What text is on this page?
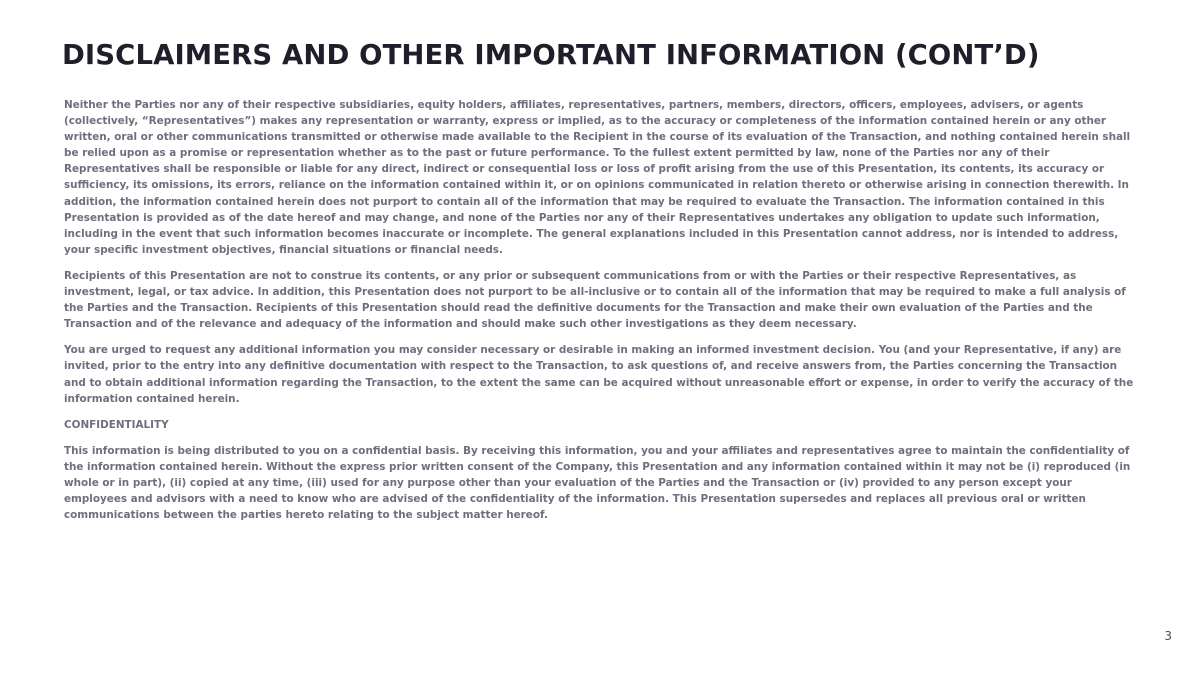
DISCLAIMERS AND OTHER IMPORTANT INFORMATION (CONT’D)

Neither the Parties nor any of their respective subsidiaries, equity holders, affiliates, representatives, partners, members, directors, officers, employees, advisers, or agents (collectively, “Representatives”) makes any representation or warranty, express or implied, as to the accuracy or completeness of the information contained herein or any other written, oral or other communications transmitted or otherwise made available to the Recipient in the course of its evaluation of the Transaction, and nothing contained herein shall be relied upon as a promise or representation whether as to the past or future performance. To the fullest extent permitted by law, none of the Parties nor any of their Representatives shall be responsible or liable for any direct, indirect or consequential loss or loss of profit arising from the use of this Presentation, its contents, its accuracy or sufficiency, its omissions, its errors, reliance on the information contained within it, or on opinions communicated in relation thereto or otherwise arising in connection therewith. In addition, the information contained herein does not purport to contain all of the information that may be required to evaluate the Transaction. The information contained in this Presentation is provided as of the date hereof and may change, and none of the Parties nor any of their Representatives undertakes any obligation to update such information, including in the event that such information becomes inaccurate or incomplete. The general explanations included in this Presentation cannot address, nor is intended to address, your specific investment objectives, financial situations or financial needs.

Recipients of this Presentation are not to construe its contents, or any prior or subsequent communications from or with the Parties or their respective Representatives, as investment, legal, or tax advice. In addition, this Presentation does not purport to be all-inclusive or to contain all of the information that may be required to make a full analysis of the Parties and the Transaction. Recipients of this Presentation should read the definitive documents for the Transaction and make their own evaluation of the Parties and the Transaction and of the relevance and adequacy of the information and should make such other investigations as they deem necessary.

You are urged to request any additional information you may consider necessary or desirable in making an informed investment decision. You (and your Representative, if any) are invited, prior to the entry into any definitive documentation with respect to the Transaction, to ask questions of, and receive answers from, the Parties concerning the Transaction and to obtain additional information regarding the Transaction, to the extent the same can be acquired without unreasonable effort or expense, in order to verify the accuracy of the information contained herein.

CONFIDENTIALITY

This information is being distributed to you on a confidential basis. By receiving this information, you and your affiliates and representatives agree to maintain the confidentiality of the information contained herein. Without the express prior written consent of the Company, this Presentation and any information contained within it may not be (i) reproduced (in whole or in part), (ii) copied at any time, (iii) used for any purpose other than your evaluation of the Parties and the Transaction or (iv) provided to any person except your employees and advisors with a need to know who are advised of the confidentiality of the information. This Presentation supersedes and replaces all previous oral or written communications between the parties hereto relating to the subject matter hereof.

3
